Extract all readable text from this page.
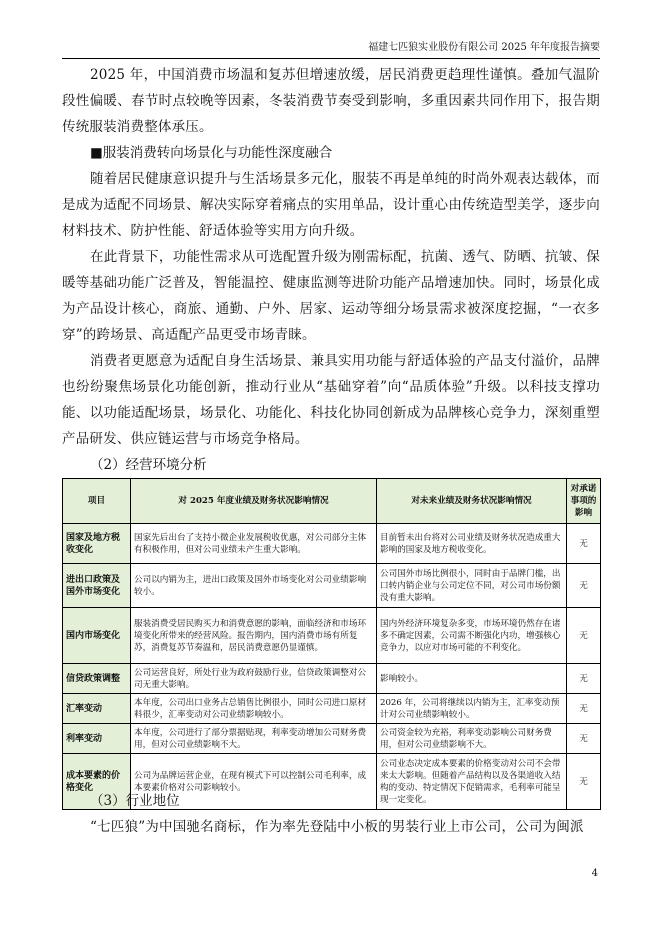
福建七匹狼实业股份有限公司 2025 年年度报告摘要

2025 年，中国消费市场温和复苏但增速放缓，居民消费更趋理性谨慎。叠加气温阶段性偏暖、春节时点较晚等因素，冬装消费节奏受到影响，多重因素共同作用下，报告期传统服装消费整体承压。

■服装消费转向场景化与功能性深度融合

随着居民健康意识提升与生活场景多元化，服装不再是单纯的时尚外观表达载体，而是成为适配不同场景、解决实际穿着痛点的实用单品，设计重心由传统造型美学，逐步向材料技术、防护性能、舒适体验等实用方向升级。

在此背景下，功能性需求从可选配置升级为刚需标配，抗菌、透气、防晒、抗皱、保暖等基础功能广泛普及，智能温控、健康监测等进阶功能产品增速加快。同时，场景化成为产品设计核心，商旅、通勤、户外、居家、运动等细分场景需求被深度挖掘，“一衣多穿”的跨场景、高适配产品更受市场青睐。

消费者更愿意为适配自身生活场景、兼具实用功能与舒适体验的产品支付溢价，品牌也纷纷聚焦场景化功能创新，推动行业从“基础穿着”向“品质体验”升级。以科技支撑功能、以功能适配场景，场景化、功能化、科技化协同创新成为品牌核心竞争力，深刻重塑产品研发、供应链运营与市场竞争格局。

（2）经营环境分析

项目	对 2025 年度业绩及财务状况影响情况	对未来业绩及财务状况影响情况	对承诺事项的影响
国家及地方税收变化	国家先后出台了支持小微企业发展税收优惠，对公司部分主体有积极作用，但对公司业绩未产生重大影响。	目前暂未出台将对公司业绩及财务状况造成重大影响的国家及地方税收变化。	无
进出口政策及国外市场变化	公司以内销为主，进出口政策及国外市场变化对公司业绩影响较小。	公司国外市场比例很小，同时由于品牌门槛，出口转内销企业与公司定位不同，对公司市场份额没有重大影响。	无
国内市场变化	服装消费受居民购买力和消费意愿的影响，面临经济和市场环境变化所带来的经营风险。报告期内，国内消费市场有所复苏，消费复苏节奏温和，居民消费意愿仍显谨慎。	国内外经济环境复杂多变，市场环境仍然存在诸多不确定因素，公司需不断强化内功，增强核心竞争力，以应对市场可能的不利变化。	无
信贷政策调整	公司运营良好，所处行业为政府鼓励行业，信贷政策调整对公司无重大影响。	影响较小。	无
汇率变动	本年度，公司出口业务占总销售比例很小，同时公司进口原材料很少，汇率变动对公司业绩影响较小。	2026 年，公司将继续以内销为主，汇率变动预计对公司业绩影响较小。	无
利率变动	本年度，公司进行了部分票据贴现，利率变动增加公司财务费用，但对公司业绩影响不大。	公司资金较为充裕，利率变动影响公司财务费用，但对公司业绩影响不大。	无
成本要素的价格变化	公司为品牌运营企业，在现有模式下可以控制公司毛利率，成本要素价格对公司影响较小。	公司业态决定成本要素的价格变动对公司不会带来太大影响。但随着产品结构以及各渠道收入结构的变动、特定情况下促销需求，毛利率可能呈现一定变化。	无

（3）行业地位

“七匹狼”为中国驰名商标，作为率先登陆中小板的男装行业上市公司，公司为闽派

4
